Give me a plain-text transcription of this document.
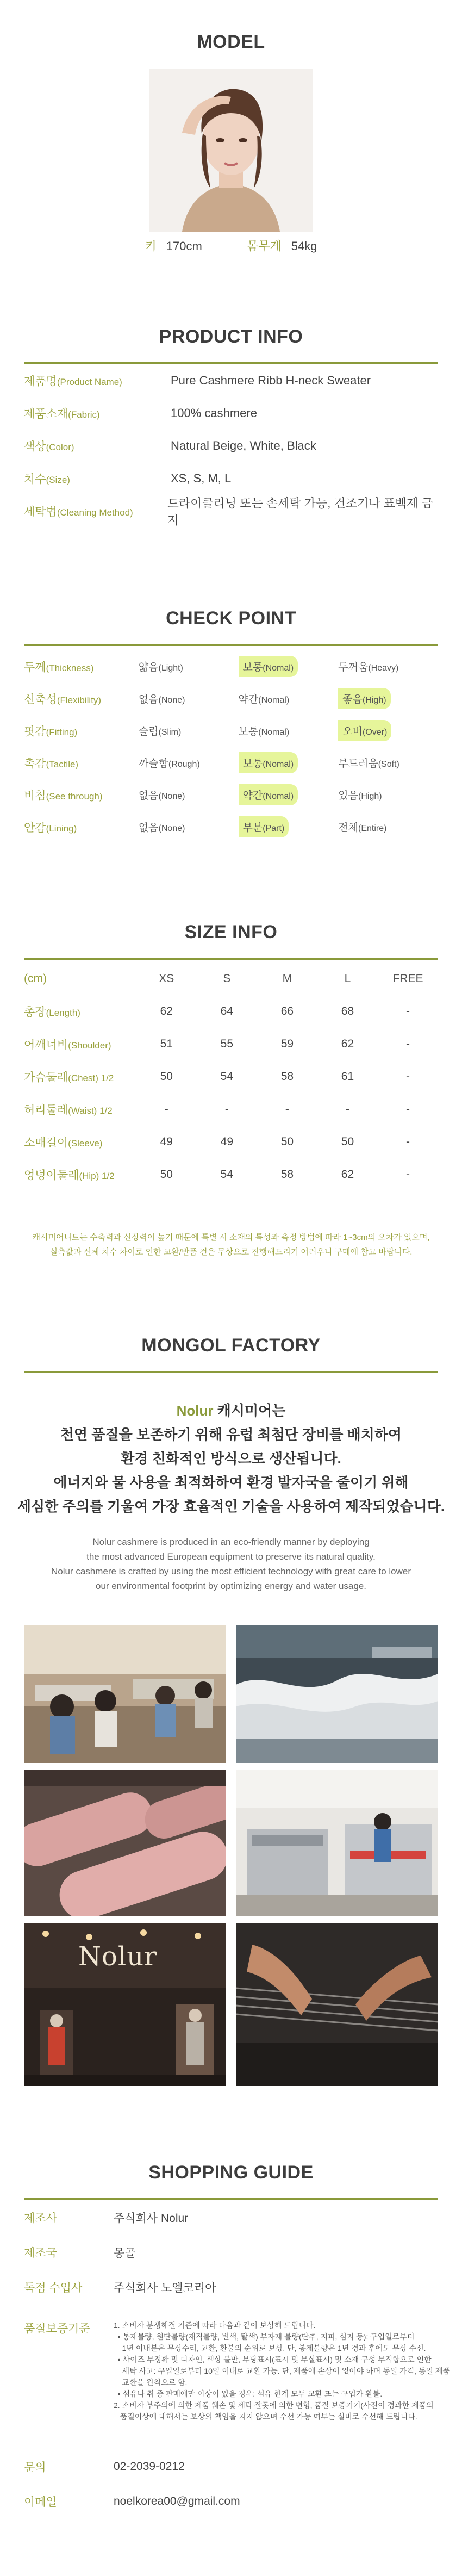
MODEL
키 170cm	몸무게 54kg
PRODUCT INFO
제품명(Product Name)	Pure Cashmere Ribb H-neck Sweater
제품소재(Fabric)	100% cashmere
색상(Color)	Natural Beige, White, Black
치수(Size)	XS, S, M, L
세탁법(Cleaning Method)
드라이클리닝 또는 손세탁 가능, 건조기나 표백제 금지
CHECK POINT
두께(Thickness)	얇음(Light)	보통(Nomal)	두꺼움(Heavy)
신축성(Flexibility)	없음(None)	약간(Nomal)	좋음(High)
핏감(Fitting)	슬림(Slim)	보통(Nomal)	오버(Over)
촉감(Tactile)	까슬함(Rough)	보통(Nomal)	부드러움(Soft)
비침(See through)	없음(None)	약간(Nomal)	있음(High)
안감(Lining)	없음(None)	부분(Part)	전체(Entire)
SIZE INFO
(cm)	XS	S	M	L	FREE
총장(Length)	62	64	66	68	-
어깨너비(Shoulder)	51	55	59	62	-
가슴둘레(Chest) 1/2	50	54	58	61	-
허리둘레(Waist) 1/2	-	-	-	-	-
소매길이(Sleeve)	49	49	50	50	-
엉덩이둘레(Hip) 1/2	50	54	58	62	-
캐시미어니트는 수축력과 신장력이 높기 때문에 특별 시 소재의 특성과 측정 방법에 따라 1~3cm의 오차가 있으며,
실측값과 신체 치수 차이로 인한 교환/반품 건은 무상으로 진행해드리기 어려우니 구매에 참고 바랍니다.
MONGOL FACTORY
Nolur 캐시미어는
천연 품질을 보존하기 위해 유럽 최첨단 장비를 배치하여
환경 친화적인 방식으로 생산됩니다.
에너지와 물 사용을 최적화하여 환경 발자국을 줄이기 위해
세심한 주의를 기울여 가장 효율적인 기술을 사용하여 제작되었습니다.
Nolur cashmere is produced in an eco-friendly manner by deploying
the most advanced European equipment to preserve its natural quality.
Nolur cashmere is crafted by using the most efficient technology with great care to lower
our environmental footprint by optimizing energy and water usage.
Nolur
SHOPPING GUIDE
제조사	주식회사 Nolur
제조국	몽골
독점 수입사	주식회사 노엘코리아
품질보증기준	1. 소비자 분쟁해결 기준에 따라 다음과 같이 보상해 드립니다.
• 봉제불량, 원단불량(재직불량, 변색, 탈색) 부자재 불량(단추, 지퍼, 심지 등): 구입일로부터
1년 이내분은 무상수리, 교환, 환불의 순위로 보상. 단, 봉제불량은 1년 경과 후에도 무상 수선.
• 사이즈 부정확 및 디자인, 색상 불만, 부당표시(표시 및 부실표시) 및 소재 구성 부적합으로 인한
세탁 사고: 구입일로부터 10일 이내로 교환 가능. 단, 제품에 손상이 없어야 하며 동일 가격, 동일 제품
교환을 원칙으로 함.
• 섬유나 취 중 판매에만 이상이 있을 경우: 섬유 한계 모두 교환 또는 구입가 환불.
2. 소비자 부주의에 의한 제품 훼손 및 세탁 잘못에 의한 변형, 품질 보증기기(사진이 경과한 제품의
품질이상에 대해서는 보상의 책임을 지지 않으며 수선 가능 여부는 실비로 수선해 드립니다.
문의	02-2039-0212
이메일	noelkorea00@gmail.com
